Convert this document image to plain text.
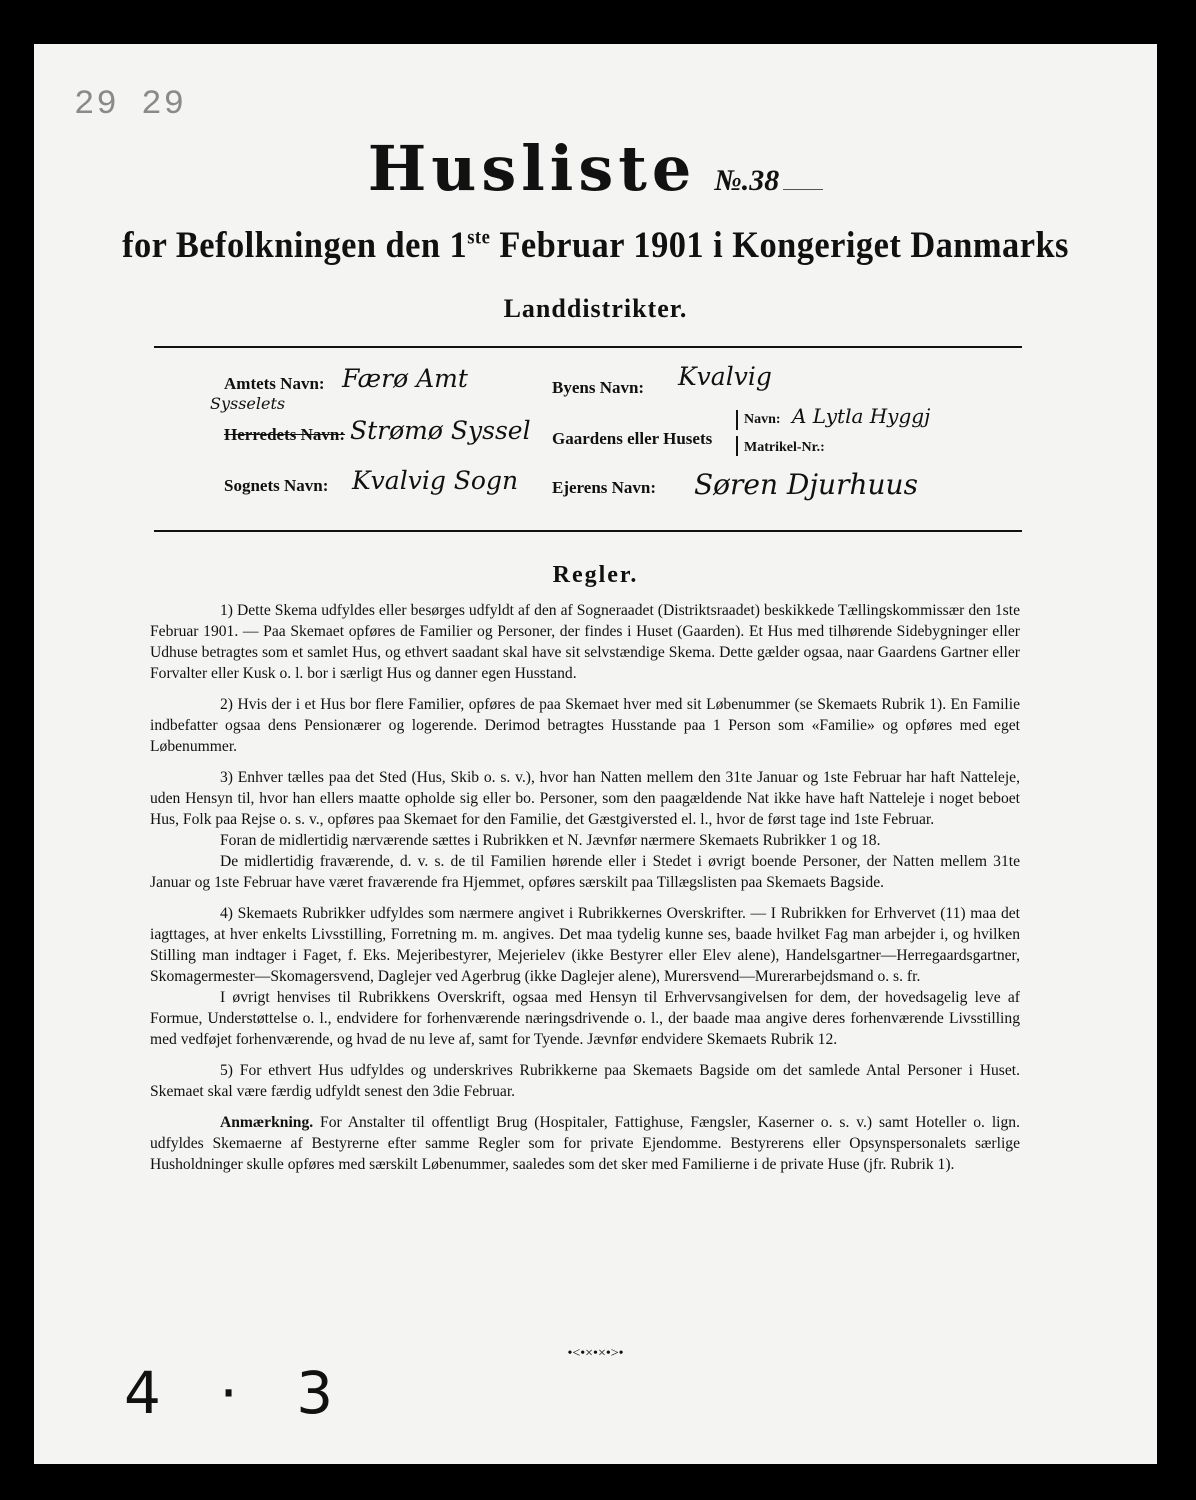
29 29
Husliste №.38
for Befolkningen den 1ste Februar 1901 i Kongeriget Danmarks
Landdistrikter.
Amtets Navn: Færø Amt
Sysselets
Herredets Navn: Strømø Syssel
Sognets Navn: Kvalvig Sogn
Byens Navn: Kvalvig
Gaardens eller Husets
Navn: A Lytla Hyggj
Matrikel-Nr.:
Ejerens Navn: Søren Djurhuus
Regler.

1) Dette Skema udfyldes eller besørges udfyldt af den af Sogneraadet (Distriktsraadet) beskikkede Tællingskommissær den 1ste Februar 1901. — Paa Skemaet opføres de Familier og Personer, der findes i Huset (Gaarden). Et Hus med tilhørende Sidebygninger eller Udhuse betragtes som et samlet Hus, og ethvert saadant skal have sit selvstændige Skema. Dette gælder ogsaa, naar Gaardens Gartner eller Forvalter eller Kusk o. l. bor i særligt Hus og danner egen Husstand.

2) Hvis der i et Hus bor flere Familier, opføres de paa Skemaet hver med sit Løbenummer (se Skemaets Rubrik 1). En Familie indbefatter ogsaa dens Pensionærer og logerende. Derimod betragtes Husstande paa 1 Person som «Familie» og opføres med eget Løbenummer.

3) Enhver tælles paa det Sted (Hus, Skib o. s. v.), hvor han Natten mellem den 31te Januar og 1ste Februar har haft Natteleje, uden Hensyn til, hvor han ellers maatte opholde sig eller bo. Personer, som den paagældende Nat ikke have haft Natteleje i noget beboet Hus, Folk paa Rejse o. s. v., opføres paa Skemaet for den Familie, det Gæstgiversted el. l., hvor de først tage ind 1ste Februar.

Foran de midlertidig nærværende sættes i Rubrikken et N. Jævnfør nærmere Skemaets Rubrikker 1 og 18.

De midlertidig fraværende, d. v. s. de til Familien hørende eller i Stedet i øvrigt boende Personer, der Natten mellem 31te Januar og 1ste Februar have været fraværende fra Hjemmet, opføres særskilt paa Tillægslisten paa Skemaets Bagside.

4) Skemaets Rubrikker udfyldes som nærmere angivet i Rubrikkernes Overskrifter. — I Rubrikken for Erhvervet (11) maa det iagttages, at hver enkelts Livsstilling, Forretning m. m. angives. Det maa tydelig kunne ses, baade hvilket Fag man arbejder i, og hvilken Stilling man indtager i Faget, f. Eks. Mejeribestyrer, Mejerielev (ikke Bestyrer eller Elev alene), Handelsgartner—Herregaardsgartner, Skomagermester—Skomagersvend, Daglejer ved Agerbrug (ikke Daglejer alene), Murersvend—Murerarbejdsmand o. s. fr.

I øvrigt henvises til Rubrikkens Overskrift, ogsaa med Hensyn til Erhvervsangivelsen for dem, der hovedsagelig leve af Formue, Understøttelse o. l., endvidere for forhenværende næringsdrivende o. l., der baade maa angive deres forhenværende Livsstilling med vedføjet forhenværende, og hvad de nu leve af, samt for Tyende. Jævnfør endvidere Skemaets Rubrik 12.

5) For ethvert Hus udfyldes og underskrives Rubrikkerne paa Skemaets Bagside om det samlede Antal Personer i Huset. Skemaet skal være færdig udfyldt senest den 3die Februar.

Anmærkning. For Anstalter til offentligt Brug (Hospitaler, Fattighuse, Fængsler, Kaserner o. s. v.) samt Hoteller o. lign. udfyldes Skemaerne af Bestyrerne efter samme Regler som for private Ejendomme. Bestyrerens eller Opsynspersonalets særlige Husholdninger skulle opføres med særskilt Løbenummer, saaledes som det sker med Familierne i de private Huse (jfr. Rubrik 1).

•<•×•×•>•
4 · 3
